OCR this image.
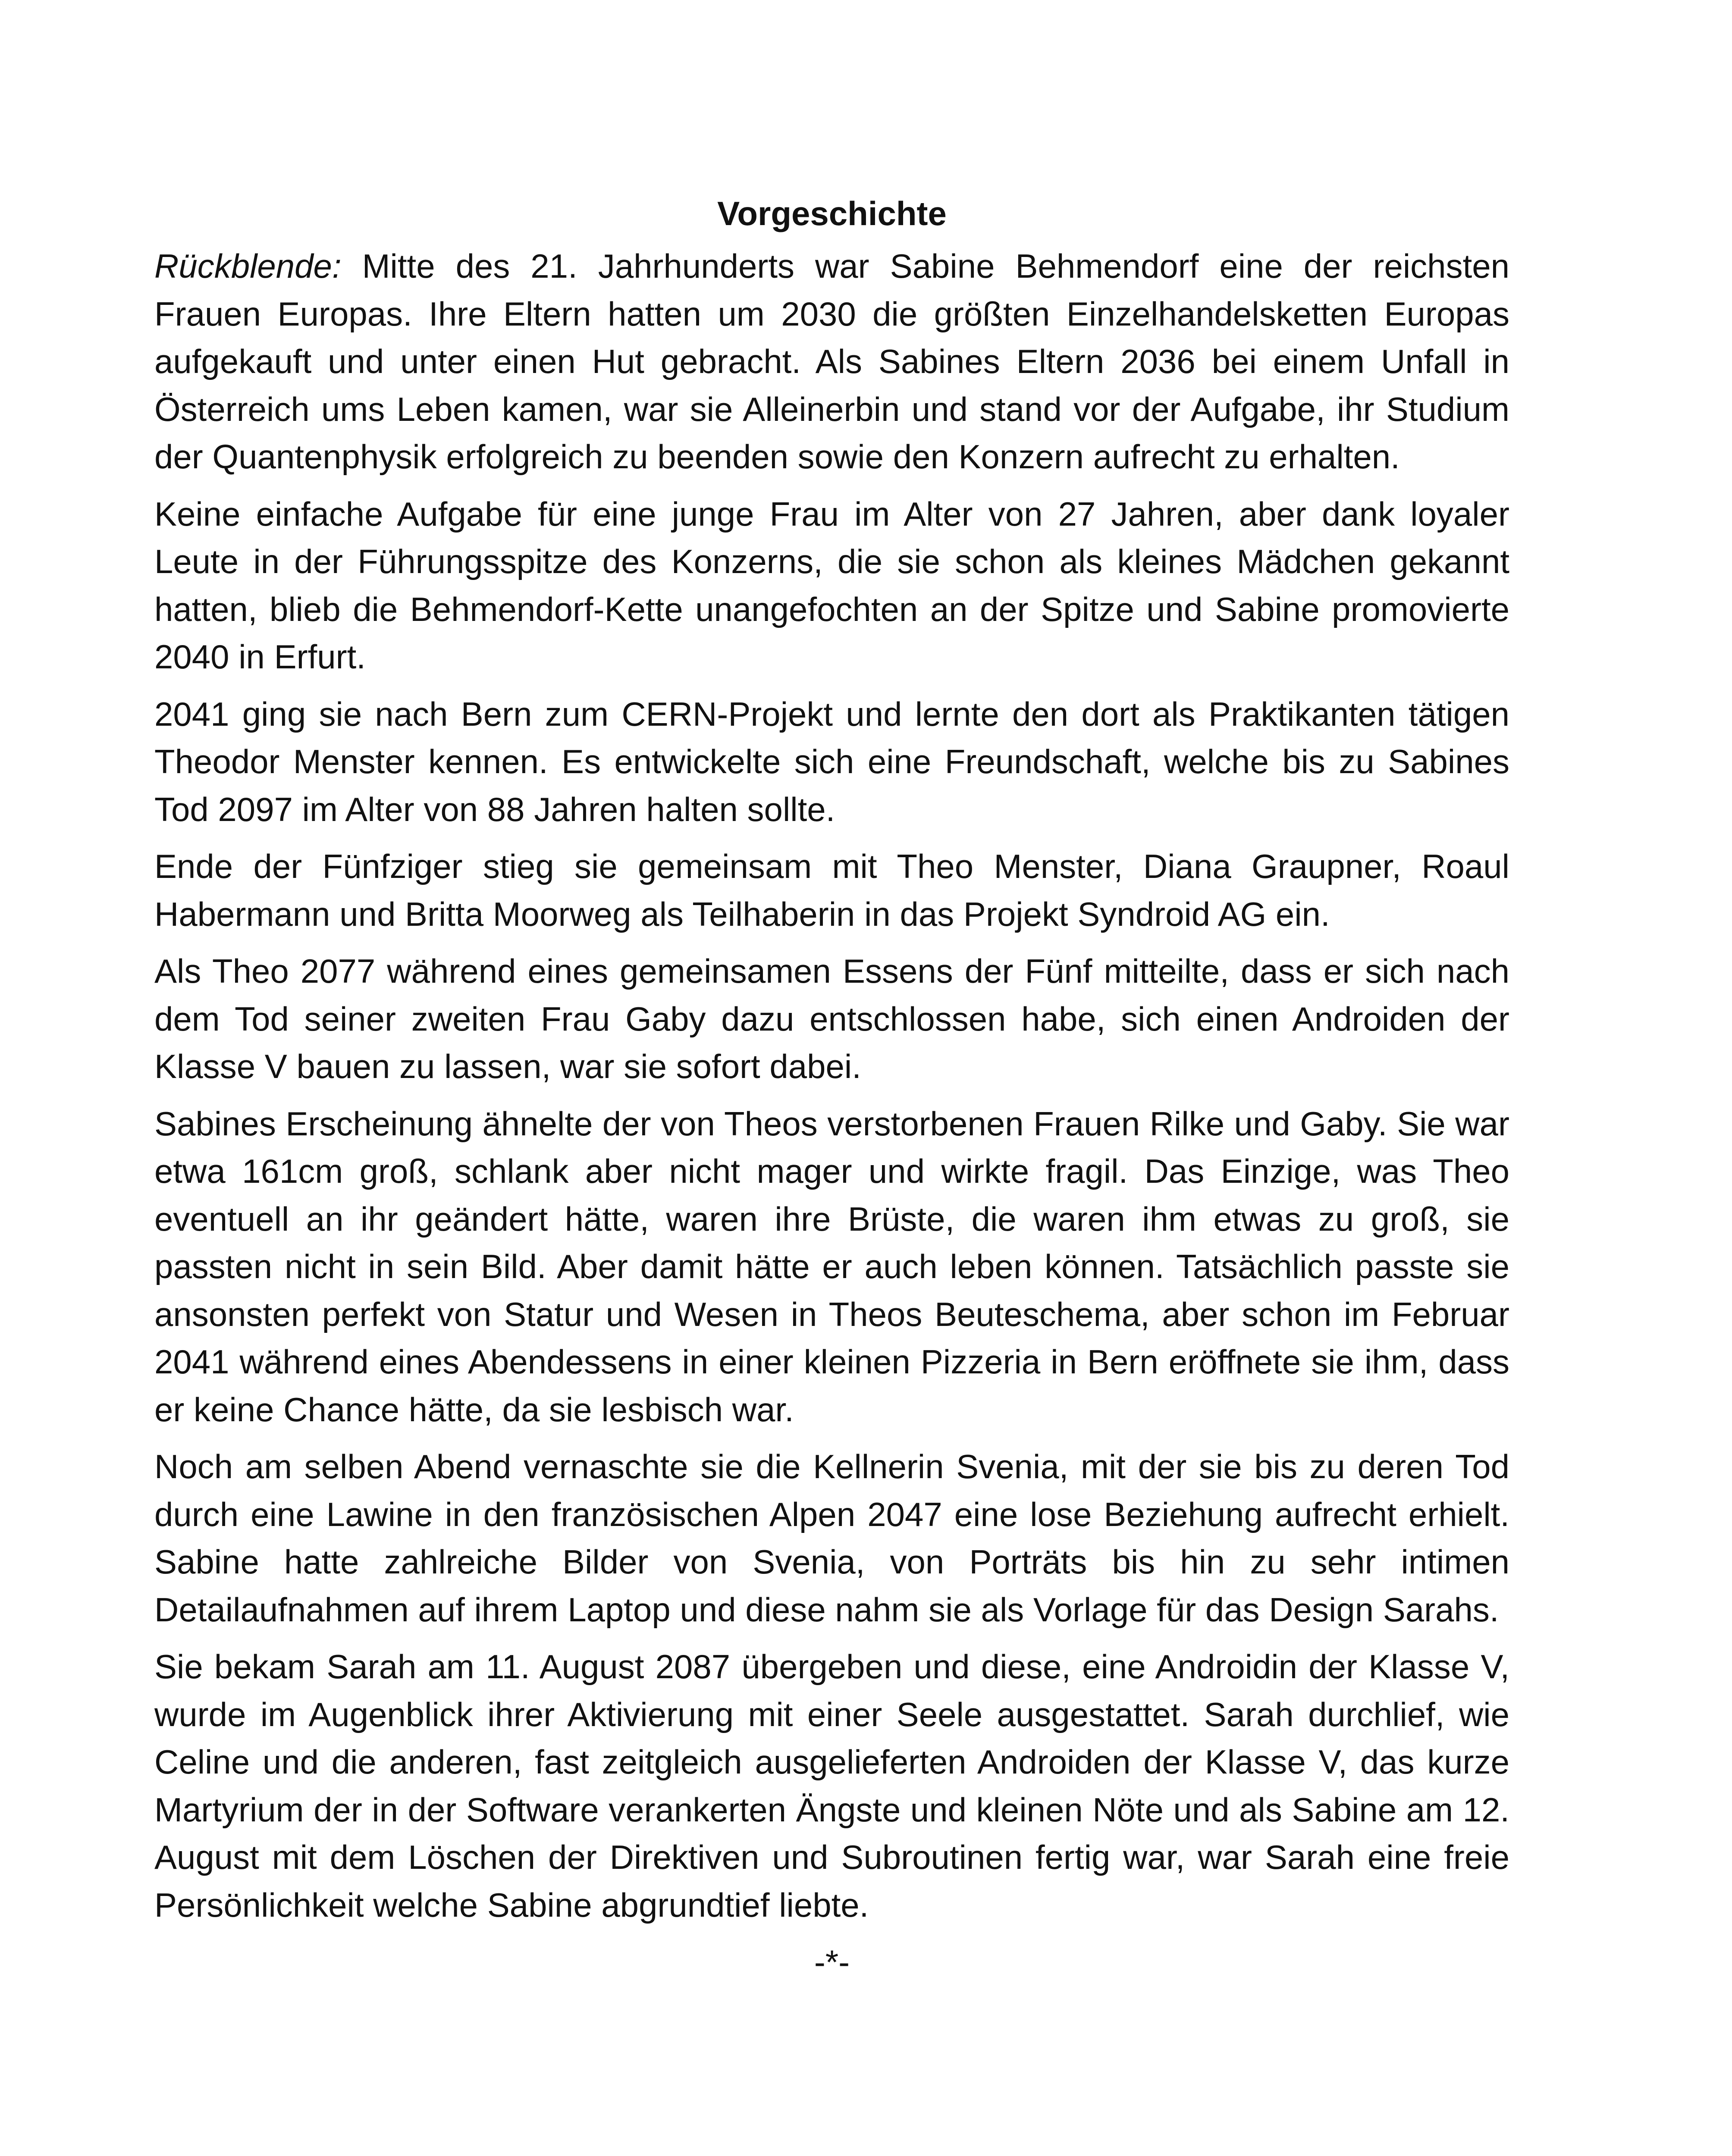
Vorgeschichte

Rückblende: Mitte des 21. Jahrhunderts war Sabine Behmendorf eine der reichsten Frauen Europas. Ihre Eltern hatten um 2030 die größten Einzelhandelsketten Europas aufgekauft und unter einen Hut gebracht. Als Sabines Eltern 2036 bei einem Unfall in Österreich ums Leben kamen, war sie Alleinerbin und stand vor der Aufgabe, ihr Studium der Quantenphysik erfolgreich zu beenden sowie den Konzern aufrecht zu erhalten.

Keine einfache Aufgabe für eine junge Frau im Alter von 27 Jahren, aber dank loyaler Leute in der Führungsspitze des Konzerns, die sie schon als kleines Mädchen gekannt hatten, blieb die Behmendorf-Kette unangefochten an der Spitze und Sabine promovierte 2040 in Erfurt.

2041 ging sie nach Bern zum CERN-Projekt und lernte den dort als Praktikanten tätigen Theodor Menster kennen. Es entwickelte sich eine Freundschaft, welche bis zu Sabines Tod 2097 im Alter von 88 Jahren halten sollte.

Ende der Fünfziger stieg sie gemeinsam mit Theo Menster, Diana Graupner, Roaul Habermann und Britta Moorweg als Teilhaberin in das Projekt Syndroid AG ein.

Als Theo 2077 während eines gemeinsamen Essens der Fünf mitteilte, dass er sich nach dem Tod seiner zweiten Frau Gaby dazu entschlossen habe, sich einen Androiden der Klasse V bauen zu lassen, war sie sofort dabei.

Sabines Erscheinung ähnelte der von Theos verstorbenen Frauen Rilke und Gaby. Sie war etwa 161cm groß, schlank aber nicht mager und wirkte fragil. Das Einzige, was Theo eventuell an ihr geändert hätte, waren ihre Brüste, die waren ihm etwas zu groß, sie passten nicht in sein Bild. Aber damit hätte er auch leben können. Tatsächlich passte sie ansonsten perfekt von Statur und Wesen in Theos Beuteschema, aber schon im Februar 2041 während eines Abendessens in einer kleinen Pizzeria in Bern eröffnete sie ihm, dass er keine Chance hätte, da sie lesbisch war.

Noch am selben Abend vernaschte sie die Kellnerin Svenia, mit der sie bis zu deren Tod durch eine Lawine in den französischen Alpen 2047 eine lose Beziehung aufrecht erhielt. Sabine hatte zahlreiche Bilder von Svenia, von Porträts bis hin zu sehr intimen Detailaufnahmen auf ihrem Laptop und diese nahm sie als Vorlage für das Design Sarahs.

Sie bekam Sarah am 11. August 2087 übergeben und diese, eine Androidin der Klasse V, wurde im Augenblick ihrer Aktivierung mit einer Seele ausgestattet. Sarah durchlief, wie Celine und die anderen, fast zeitgleich ausgelieferten Androiden der Klasse V, das kurze Martyrium der in der Software verankerten Ängste und kleinen Nöte und als Sabine am 12. August mit dem Löschen der Direktiven und Subroutinen fertig war, war Sarah eine freie Persönlichkeit welche Sabine abgrundtief liebte.

-*-
